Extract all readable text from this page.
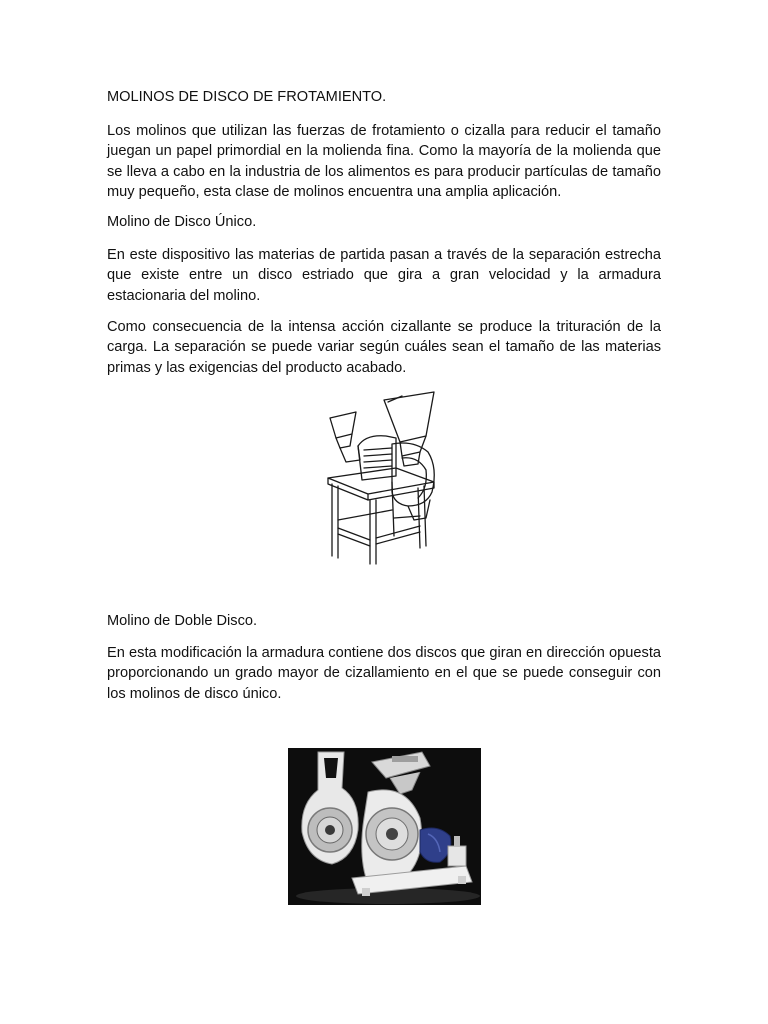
MOLINOS DE DISCO DE FROTAMIENTO.

Los molinos que utilizan las fuerzas de frotamiento o cizalla para reducir el tamaño juegan un papel primordial en la molienda fina. Como la mayoría de la molienda que se lleva a cabo en la industria de los alimentos es para producir partículas de tamaño muy pequeño, esta clase de molinos encuentra una amplia aplicación.

Molino de Disco Único.

En este dispositivo las materias de partida pasan a través de la separación estrecha que existe entre un disco estriado que gira a gran velocidad y la armadura estacionaria del molino.

Como consecuencia de la intensa acción cizallante se produce la trituración de la carga. La separación se puede variar según cuáles sean el tamaño de las materias primas y las exigencias del producto acabado.

Molino de Doble Disco.

En esta modificación la armadura contiene dos discos que giran en dirección opuesta proporcionando un grado mayor de cizallamiento en el que se puede conseguir con los molinos de disco único.
